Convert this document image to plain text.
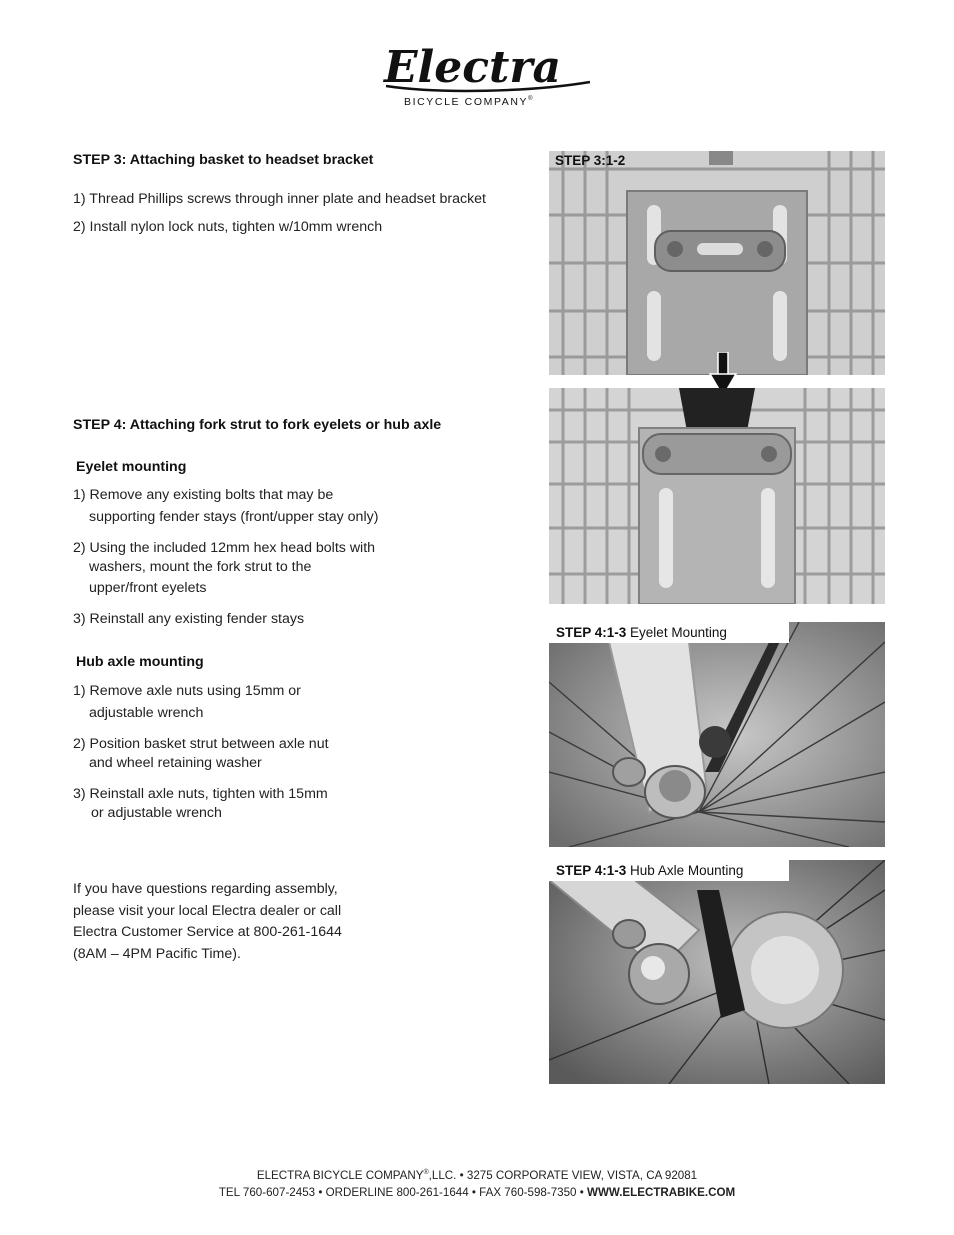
Electra
BICYCLE COMPANY®
STEP 3: Attaching basket to headset bracket
1) Thread Phillips screws through inner plate and headset bracket
2) Install nylon lock nuts, tighten w/10mm wrench
STEP 4: Attaching fork strut to fork eyelets or hub axle
Eyelet mounting
1) Remove any existing bolts that may be
supporting fender stays (front/upper stay only)
2) Using the included 12mm hex head bolts with
washers, mount the fork strut to the
upper/front eyelets
3) Reinstall any existing fender stays
Hub axle mounting
1) Remove axle nuts using 15mm or
adjustable wrench
2) Position basket strut between axle nut
and wheel retaining washer
3) Reinstall axle nuts, tighten with 15mm
or adjustable wrench
If you have questions regarding assembly,
please visit your local Electra dealer or call
Electra Customer Service at 800-261-1644
(8AM – 4PM Pacific Time).
STEP 4:1-3 Eyelet Mounting
STEP 4:1-3 Hub Axle Mounting
STEP 3:1-2
ELECTRA BICYCLE COMPANY®,LLC. • 3275 CORPORATE VIEW, VISTA, CA 92081
TEL 760-607-2453 • ORDERLINE 800-261-1644 • FAX 760-598-7350 • WWW.ELECTRABIKE.COM
